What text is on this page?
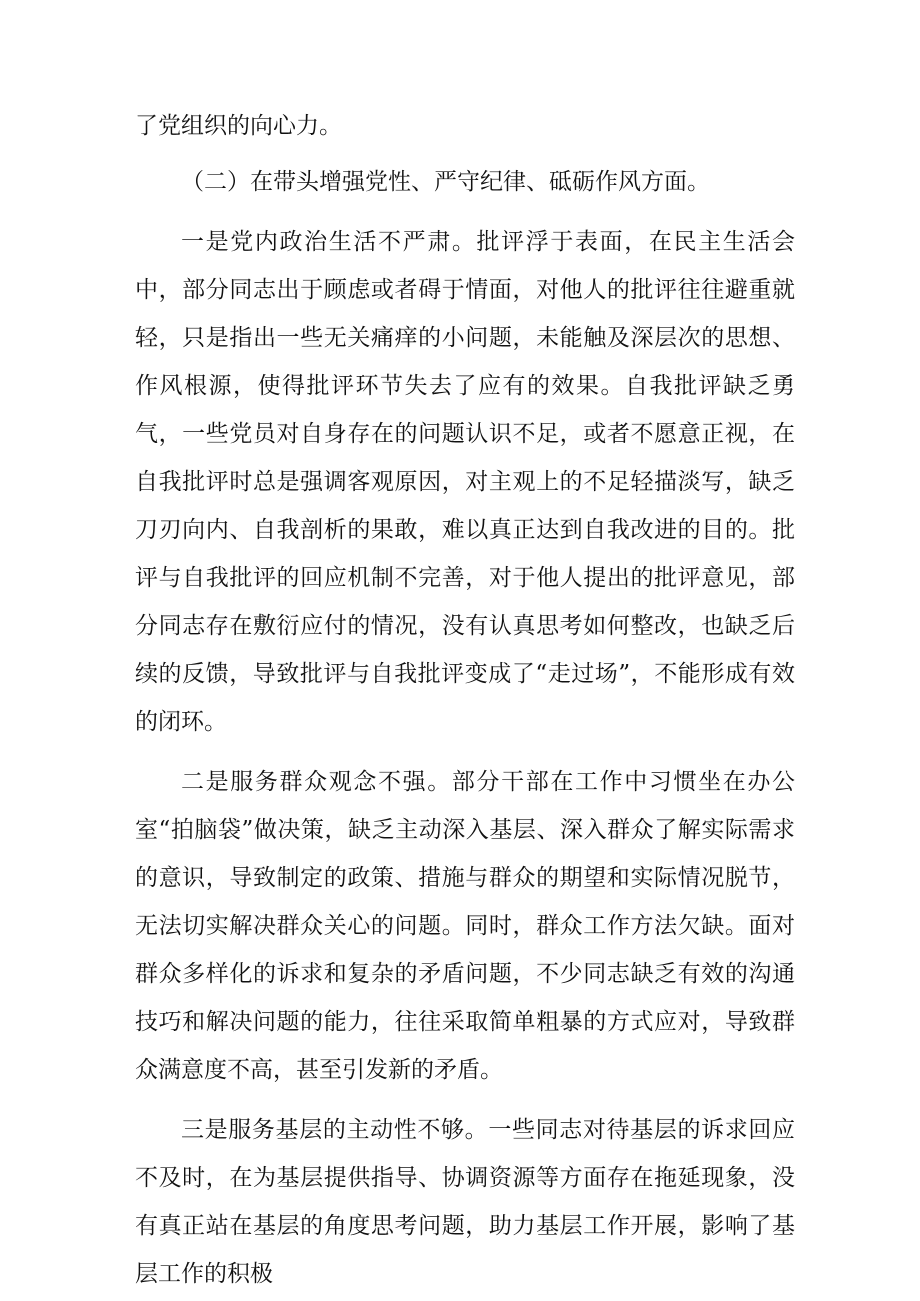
了党组织的向心力。

（二）在带头增强党性、严守纪律、砥砺作风方面。

一是党内政治生活不严肃。批评浮于表面，在民主生活会中，部分同志出于顾虑或者碍于情面，对他人的批评往往避重就轻，只是指出一些无关痛痒的小问题，未能触及深层次的思想、作风根源，使得批评环节失去了应有的效果。自我批评缺乏勇气，一些党员对自身存在的问题认识不足，或者不愿意正视，在自我批评时总是强调客观原因，对主观上的不足轻描淡写，缺乏刀刃向内、自我剖析的果敢，难以真正达到自我改进的目的。批评与自我批评的回应机制不完善，对于他人提出的批评意见，部分同志存在敷衍应付的情况，没有认真思考如何整改，也缺乏后续的反馈，导致批评与自我批评变成了“走过场”，不能形成有效的闭环。

二是服务群众观念不强。部分干部在工作中习惯坐在办公室“拍脑袋”做决策，缺乏主动深入基层、深入群众了解实际需求的意识，导致制定的政策、措施与群众的期望和实际情况脱节，无法切实解决群众关心的问题。同时，群众工作方法欠缺。面对群众多样化的诉求和复杂的矛盾问题，不少同志缺乏有效的沟通技巧和解决问题的能力，往往采取简单粗暴的方式应对，导致群众满意度不高，甚至引发新的矛盾。

三是服务基层的主动性不够。一些同志对待基层的诉求回应不及时，在为基层提供指导、协调资源等方面存在拖延现象，没有真正站在基层的角度思考问题，助力基层工作开展，影响了基层工作的积极
